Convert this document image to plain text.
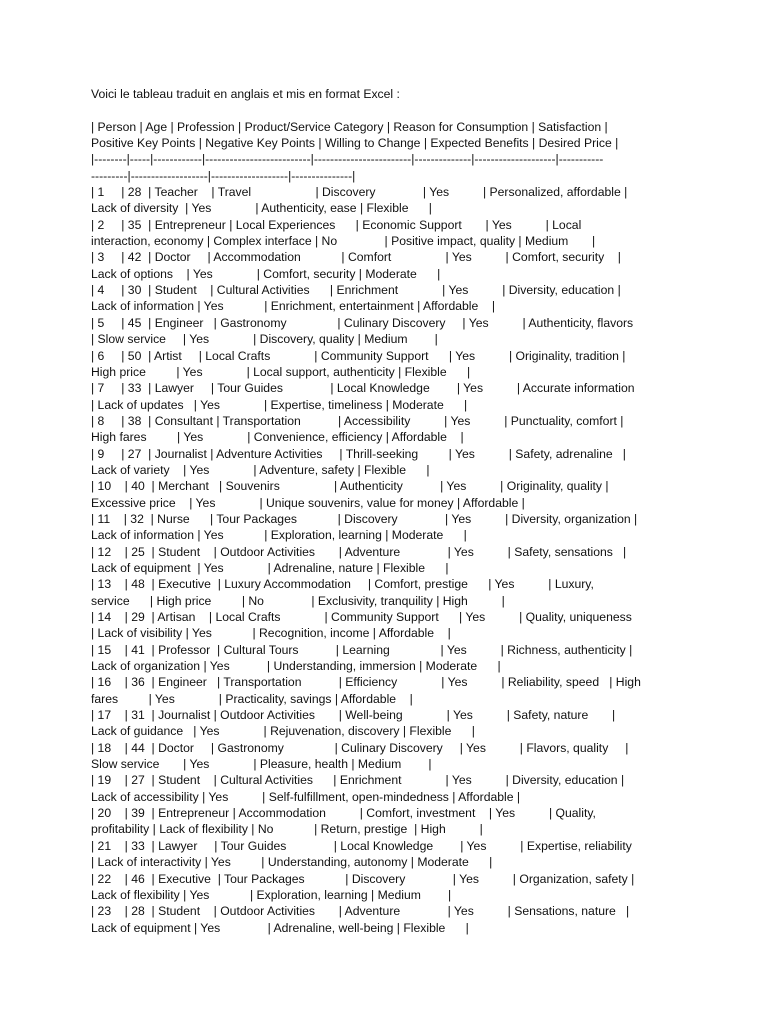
Voici le tableau traduit en anglais et mis en format Excel :

| Person | Age | Profession | Product/Service Category | Reason for Consumption | Satisfaction |

Positive Key Points | Negative Key Points | Willing to Change | Expected Benefits | Desired Price |

|--------|-----|------------|--------------------------|------------------------|--------------|--------------------|-----------

---------|-------------------|-------------------|---------------|

| 1     | 28  | Teacher    | Travel                   | Discovery              | Yes          | Personalized, affordable |

Lack of diversity  | Yes             | Authenticity, ease | Flexible      |

| 2     | 35  | Entrepreneur | Local Experiences      | Economic Support       | Yes          | Local

interaction, economy | Complex interface | No              | Positive impact, quality | Medium       |

| 3     | 42  | Doctor     | Accommodation            | Comfort                | Yes          | Comfort, security    |

Lack of options    | Yes             | Comfort, security | Moderate      |

| 4     | 30  | Student    | Cultural Activities      | Enrichment             | Yes          | Diversity, education |

Lack of information | Yes            | Enrichment, entertainment | Affordable    |

| 5     | 45  | Engineer   | Gastronomy               | Culinary Discovery     | Yes          | Authenticity, flavors

| Slow service     | Yes             | Discovery, quality | Medium        |

| 6     | 50  | Artist     | Local Crafts             | Community Support      | Yes          | Originality, tradition |

High price         | Yes             | Local support, authenticity | Flexible      |

| 7     | 33  | Lawyer     | Tour Guides              | Local Knowledge        | Yes          | Accurate information

| Lack of updates   | Yes             | Expertise, timeliness | Moderate      |

| 8     | 38  | Consultant | Transportation           | Accessibility          | Yes          | Punctuality, comfort |

High fares         | Yes             | Convenience, efficiency | Affordable    |

| 9     | 27  | Journalist | Adventure Activities     | Thrill-seeking         | Yes          | Safety, adrenaline   |

Lack of variety    | Yes             | Adventure, safety | Flexible      |

| 10    | 40  | Merchant   | Souvenirs                | Authenticity           | Yes          | Originality, quality |

Excessive price    | Yes             | Unique souvenirs, value for money | Affordable |

| 11    | 32  | Nurse      | Tour Packages            | Discovery              | Yes          | Diversity, organization |

Lack of information | Yes            | Exploration, learning | Moderate      |

| 12    | 25  | Student    | Outdoor Activities       | Adventure              | Yes          | Safety, sensations   |

Lack of equipment  | Yes             | Adrenaline, nature | Flexible      |

| 13    | 48  | Executive  | Luxury Accommodation     | Comfort, prestige      | Yes          | Luxury,

service      | High price         | No              | Exclusivity, tranquility | High          |

| 14    | 29  | Artisan    | Local Crafts             | Community Support      | Yes          | Quality, uniqueness

| Lack of visibility | Yes            | Recognition, income | Affordable    |

| 15    | 41  | Professor  | Cultural Tours           | Learning               | Yes          | Richness, authenticity |

Lack of organization | Yes           | Understanding, immersion | Moderate      |

| 16    | 36  | Engineer   | Transportation           | Efficiency             | Yes          | Reliability, speed   | High

fares         | Yes             | Practicality, savings | Affordable    |

| 17    | 31  | Journalist | Outdoor Activities       | Well-being             | Yes          | Safety, nature       |

Lack of guidance   | Yes             | Rejuvenation, discovery | Flexible      |

| 18    | 44  | Doctor     | Gastronomy               | Culinary Discovery     | Yes          | Flavors, quality     |

Slow service       | Yes             | Pleasure, health | Medium        |

| 19    | 27  | Student    | Cultural Activities      | Enrichment             | Yes          | Diversity, education |

Lack of accessibility | Yes          | Self-fulfillment, open-mindedness | Affordable |

| 20    | 39  | Entrepreneur | Accommodation          | Comfort, investment    | Yes          | Quality,

profitability | Lack of flexibility | No            | Return, prestige  | High          |

| 21    | 33  | Lawyer     | Tour Guides              | Local Knowledge        | Yes          | Expertise, reliability

| Lack of interactivity | Yes         | Understanding, autonomy | Moderate      |

| 22    | 46  | Executive  | Tour Packages            | Discovery              | Yes          | Organization, safety |

Lack of flexibility | Yes            | Exploration, learning | Medium        |

| 23    | 28  | Student    | Outdoor Activities       | Adventure              | Yes          | Sensations, nature   |

Lack of equipment | Yes              | Adrenaline, well-being | Flexible      |
